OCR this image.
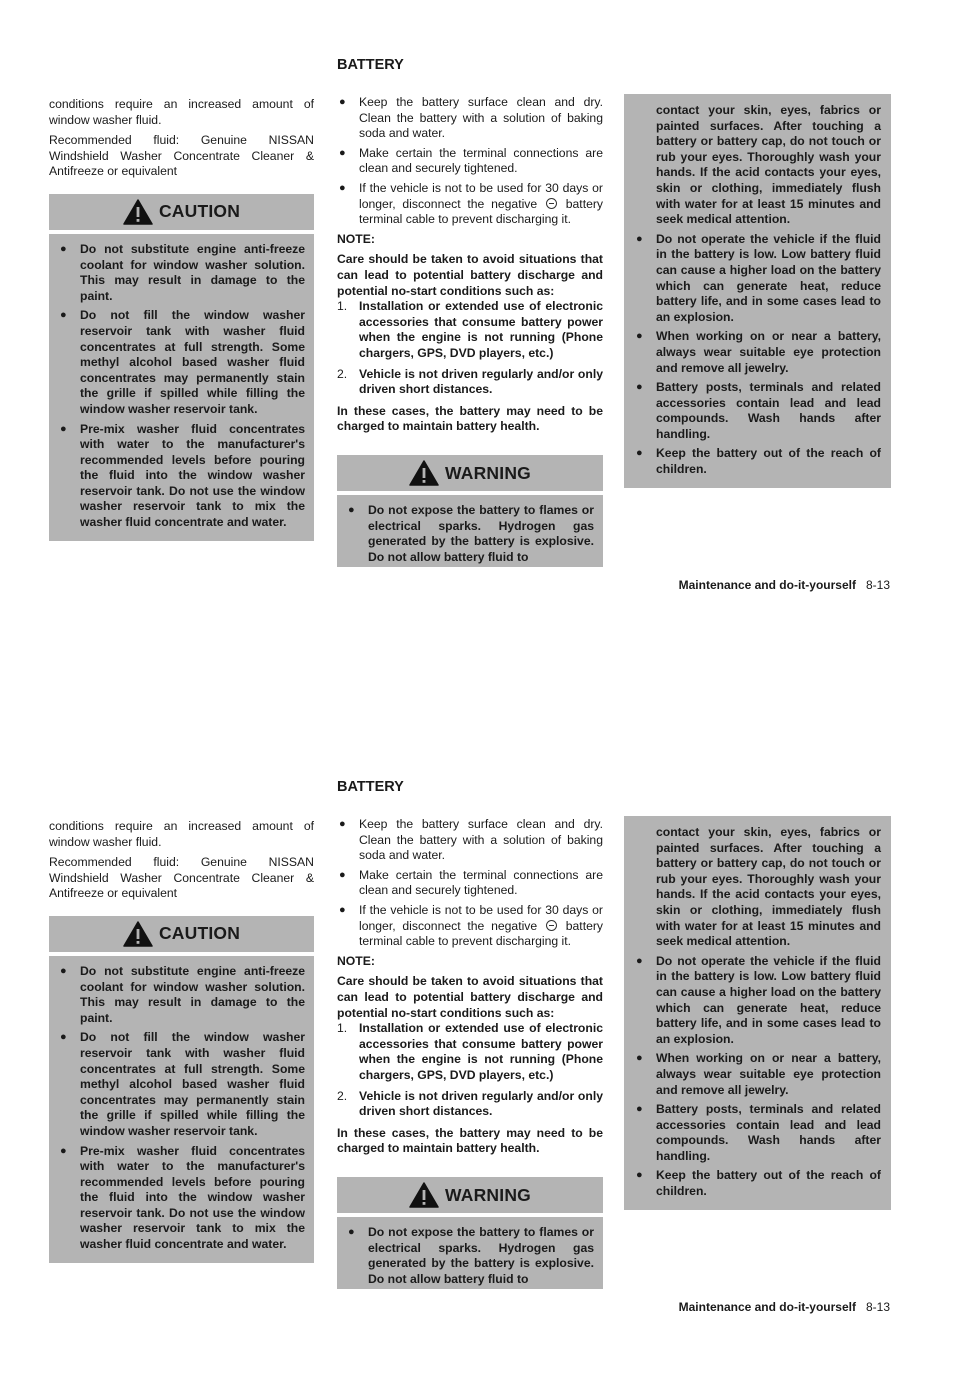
BATTERY

conditions require an increased amount of window washer fluid.

Recommended fluid: Genuine NISSAN Windshield Washer Concentrate Cleaner & Antifreeze or equivalent

CAUTION
● Do not substitute engine anti-freeze coolant for window washer solution. This may result in damage to the paint.
● Do not fill the window washer reservoir tank with washer fluid concentrates at full strength. Some methyl alcohol based washer fluid concentrates may permanently stain the grille if spilled while filling the window washer reservoir tank.
● Pre-mix washer fluid concentrates with water to the manufacturer's recommended levels before pouring the fluid into the window washer reservoir tank. Do not use the window washer reservoir tank to mix the washer fluid concentrate and water.
● Keep the battery surface clean and dry. Clean the battery with a solution of baking soda and water.
● Make certain the terminal connections are clean and securely tightened.
● If the vehicle is not to be used for 30 days or longer, disconnect the negative battery terminal cable to prevent discharging it.

NOTE:

Care should be taken to avoid situations that can lead to potential battery discharge and potential no-start conditions such as:

1. Installation or extended use of electronic accessories that consume battery power when the engine is not running (Phone chargers, GPS, DVD players, etc.)
2. Vehicle is not driven regularly and/or only driven short distances.

In these cases, the battery may need to be charged to maintain battery health.

WARNING
● Do not expose the battery to flames or electrical sparks. Hydrogen gas generated by the battery is explosive. Do not allow battery fluid to

contact your skin, eyes, fabrics or painted surfaces. After touching a battery or battery cap, do not touch or rub your eyes. Thoroughly wash your hands. If the acid contacts your eyes, skin or clothing, immediately flush with water for at least 15 minutes and seek medical attention.

● Do not operate the vehicle if the fluid in the battery is low. Low battery fluid can cause a higher load on the battery which can generate heat, reduce battery life, and in some cases lead to an explosion.
● When working on or near a battery, always wear suitable eye protection and remove all jewelry.
● Battery posts, terminals and related accessories contain lead and lead compounds. Wash hands after handling.
● Keep the battery out of the reach of children.
Maintenance and do-it-yourself 8-13
BATTERY

conditions require an increased amount of window washer fluid.

Recommended fluid: Genuine NISSAN Windshield Washer Concentrate Cleaner & Antifreeze or equivalent

CAUTION
● Do not substitute engine anti-freeze coolant for window washer solution. This may result in damage to the paint.
● Do not fill the window washer reservoir tank with washer fluid concentrates at full strength. Some methyl alcohol based washer fluid concentrates may permanently stain the grille if spilled while filling the window washer reservoir tank.
● Pre-mix washer fluid concentrates with water to the manufacturer's recommended levels before pouring the fluid into the window washer reservoir tank. Do not use the window washer reservoir tank to mix the washer fluid concentrate and water.
● Keep the battery surface clean and dry. Clean the battery with a solution of baking soda and water.
● Make certain the terminal connections are clean and securely tightened.
● If the vehicle is not to be used for 30 days or longer, disconnect the negative battery terminal cable to prevent discharging it.

NOTE:

Care should be taken to avoid situations that can lead to potential battery discharge and potential no-start conditions such as:

1. Installation or extended use of electronic accessories that consume battery power when the engine is not running (Phone chargers, GPS, DVD players, etc.)
2. Vehicle is not driven regularly and/or only driven short distances.

In these cases, the battery may need to be charged to maintain battery health.

WARNING
● Do not expose the battery to flames or electrical sparks. Hydrogen gas generated by the battery is explosive. Do not allow battery fluid to

contact your skin, eyes, fabrics or painted surfaces. After touching a battery or battery cap, do not touch or rub your eyes. Thoroughly wash your hands. If the acid contacts your eyes, skin or clothing, immediately flush with water for at least 15 minutes and seek medical attention.

● Do not operate the vehicle if the fluid in the battery is low. Low battery fluid can cause a higher load on the battery which can generate heat, reduce battery life, and in some cases lead to an explosion.
● When working on or near a battery, always wear suitable eye protection and remove all jewelry.
● Battery posts, terminals and related accessories contain lead and lead compounds. Wash hands after handling.
● Keep the battery out of the reach of children.
Maintenance and do-it-yourself 8-13
